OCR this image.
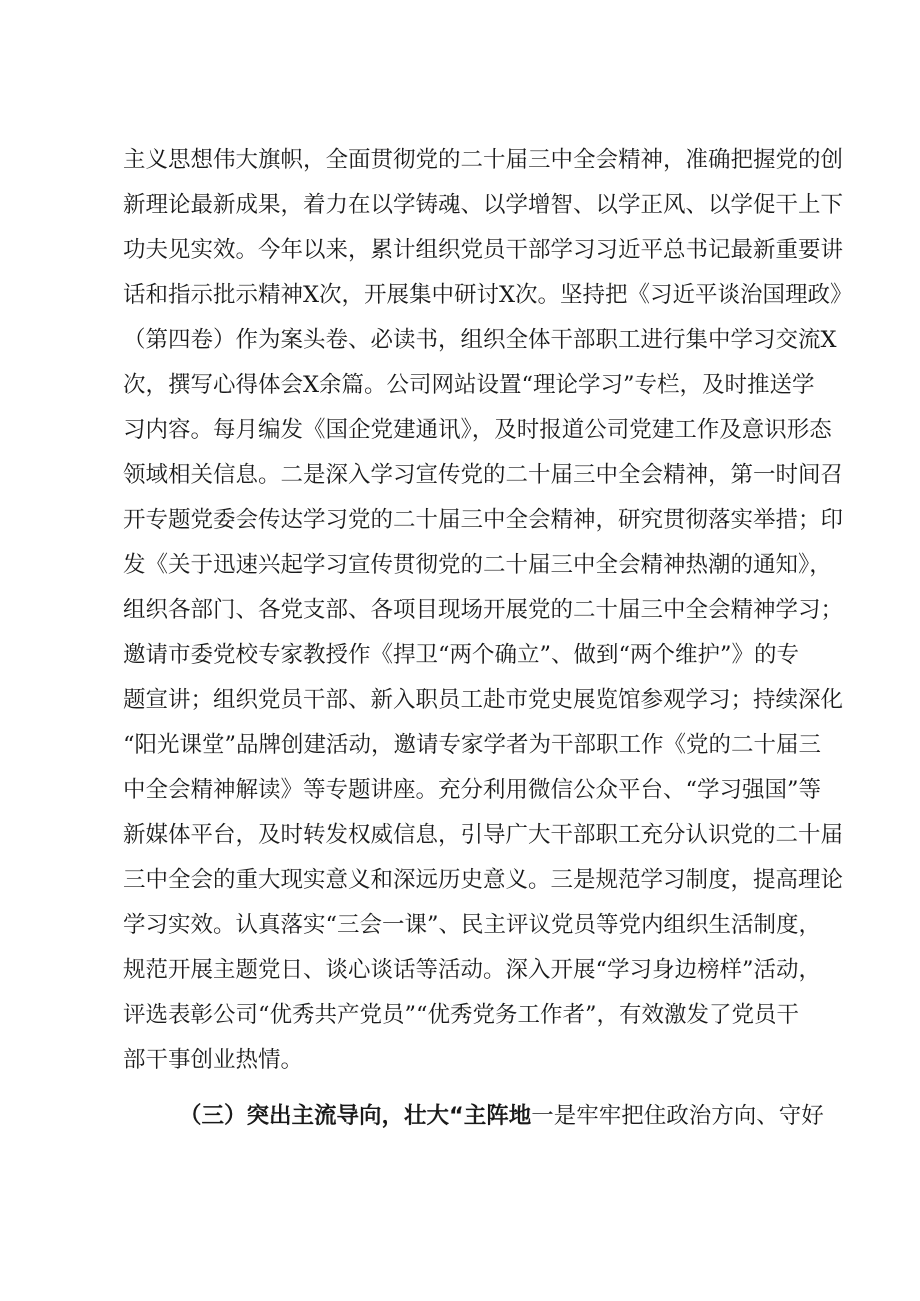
主义思想伟大旗帜，全面贯彻党的二十届三中全会精神，准确把握党的创
新理论最新成果，着力在以学铸魂、以学增智、以学正风、以学促干上下
功夫见实效。今年以来，累计组织党员干部学习习近平总书记最新重要讲
话和指示批示精神X次，开展集中研讨X次。坚持把《习近平谈治国理政》
（第四卷）作为案头卷、必读书，组织全体干部职工进行集中学习交流X
次，撰写心得体会X余篇。公司网站设置“理论学习”专栏，及时推送学
习内容。每月编发《国企党建通讯》，及时报道公司党建工作及意识形态
领域相关信息。二是深入学习宣传党的二十届三中全会精神，第一时间召
开专题党委会传达学习党的二十届三中全会精神，研究贯彻落实举措；印
发《关于迅速兴起学习宣传贯彻党的二十届三中全会精神热潮的通知》，
组织各部门、各党支部、各项目现场开展党的二十届三中全会精神学习；
邀请市委党校专家教授作《捍卫“两个确立”、做到“两个维护”》的专
题宣讲；组织党员干部、新入职员工赴市党史展览馆参观学习；持续深化
“阳光课堂”品牌创建活动，邀请专家学者为干部职工作《党的二十届三
中全会精神解读》等专题讲座。充分利用微信公众平台、“学习强国”等
新媒体平台，及时转发权威信息，引导广大干部职工充分认识党的二十届
三中全会的重大现实意义和深远历史意义。三是规范学习制度，提高理论
学习实效。认真落实“三会一课”、民主评议党员等党内组织生活制度，
规范开展主题党日、谈心谈话等活动。深入开展“学习身边榜样”活动，
评选表彰公司“优秀共产党员”“优秀党务工作者”，有效激发了党员干
部干事创业热情。
（三）突出主流导向，壮大“主阵地一是牢牢把住政治方向、守好
